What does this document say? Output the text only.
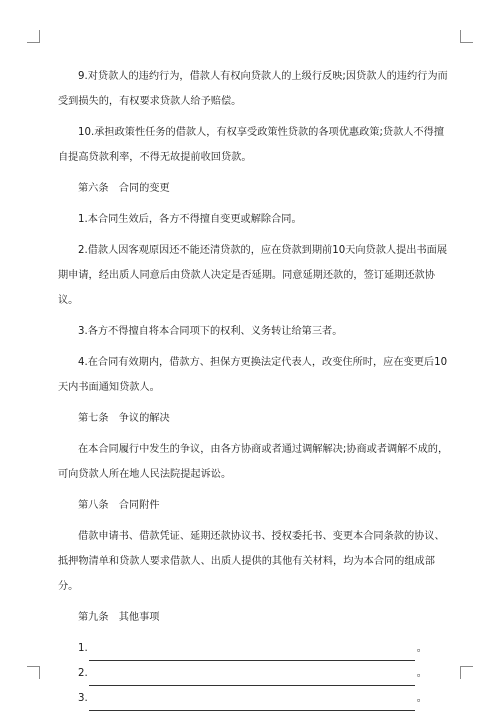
9.对贷款人的违约行为，借款人有权向贷款人的上级行反映;因贷款人的违约行为而受到损失的，有权要求贷款人给予赔偿。

10.承担政策性任务的借款人，有权享受政策性贷款的各项优惠政策;贷款人不得擅自提高贷款利率，不得无故提前收回贷款。

第六条　合同的变更

1.本合同生效后，各方不得擅自变更或解除合同。

2.借款人因客观原因还不能还清贷款的，应在贷款到期前10天向贷款人提出书面展期申请，经出质人同意后由贷款人决定是否延期。同意延期还款的，签订延期还款协议。

3.各方不得擅自将本合同项下的权利、义务转让给第三者。

4.在合同有效期内，借款方、担保方更换法定代表人，改变住所时，应在变更后10天内书面通知贷款人。

第七条　争议的解决

在本合同履行中发生的争议，由各方协商或者通过调解解决;协商或者调解不成的，可向贷款人所在地人民法院提起诉讼。

第八条　合同附件

借款申请书、借款凭证、延期还款协议书、授权委托书、变更本合同条款的协议、抵押物清单和贷款人要求借款人、出质人提供的其他有关材料，均为本合同的组成部分。

第九条　其他事项

1.	。
2.	。
3.	。
